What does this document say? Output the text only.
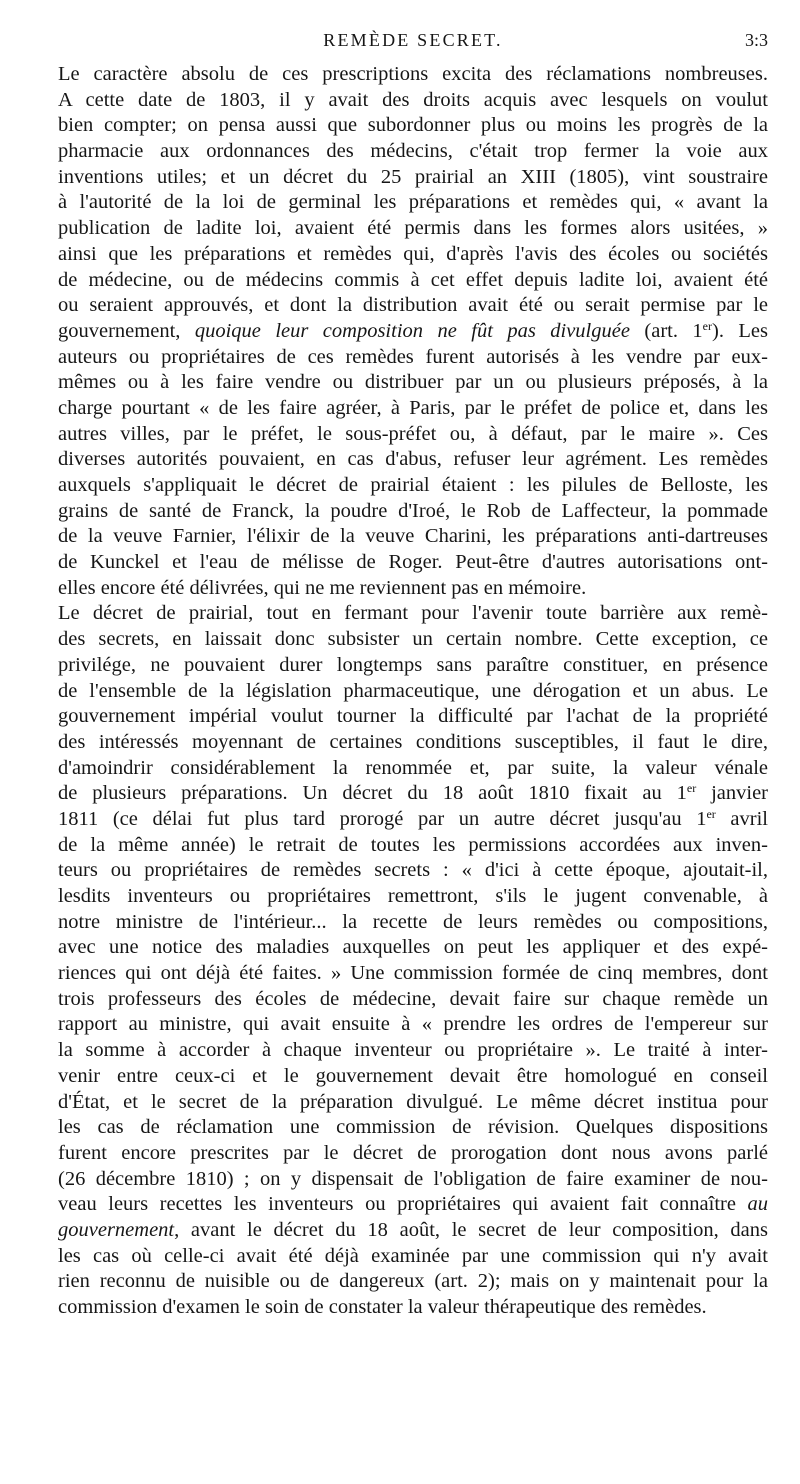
REMÈDE SECRET.	3:3
Le caractère absolu de ces prescriptions excita des réclamations nombreuses.
A cette date de 1803, il y avait des droits acquis avec lesquels on voulut
bien compter; on pensa aussi que subordonner plus ou moins les progrès de la
pharmacie aux ordonnances des médecins, c'était trop fermer la voie aux
inventions utiles; et un décret du 25 prairial an XIII (1805), vint soustraire
à l'autorité de la loi de germinal les préparations et remèdes qui, « avant la
publication de ladite loi, avaient été permis dans les formes alors usitées, »
ainsi que les préparations et remèdes qui, d'après l'avis des écoles ou sociétés
de médecine, ou de médecins commis à cet effet depuis ladite loi, avaient été
ou seraient approuvés, et dont la distribution avait été ou serait permise par le
gouvernement, quoique leur composition ne fût pas divulguée (art. 1er). Les
auteurs ou propriétaires de ces remèdes furent autorisés à les vendre par eux-
mêmes ou à les faire vendre ou distribuer par un ou plusieurs préposés, à la
charge pourtant « de les faire agréer, à Paris, par le préfet de police et, dans les
autres villes, par le préfet, le sous-préfet ou, à défaut, par le maire ». Ces
diverses autorités pouvaient, en cas d'abus, refuser leur agrément. Les remèdes
auxquels s'appliquait le décret de prairial étaient : les pilules de Belloste, les
grains de santé de Franck, la poudre d'Iroé, le Rob de Laffecteur, la pommade
de la veuve Farnier, l'élixir de la veuve Charini, les préparations anti-dartreuses
de Kunckel et l'eau de mélisse de Roger. Peut-être d'autres autorisations ont-
elles encore été délivrées, qui ne me reviennent pas en mémoire.
Le décret de prairial, tout en fermant pour l'avenir toute barrière aux remè-
des secrets, en laissait donc subsister un certain nombre. Cette exception, ce
privilége, ne pouvaient durer longtemps sans paraître constituer, en présence
de l'ensemble de la législation pharmaceutique, une dérogation et un abus. Le
gouvernement impérial voulut tourner la difficulté par l'achat de la propriété
des intéressés moyennant de certaines conditions susceptibles, il faut le dire,
d'amoindrir considérablement la renommée et, par suite, la valeur vénale
de plusieurs préparations. Un décret du 18 août 1810 fixait au 1er janvier
1811 (ce délai fut plus tard prorogé par un autre décret jusqu'au 1er avril
de la même année) le retrait de toutes les permissions accordées aux inven-
teurs ou propriétaires de remèdes secrets : « d'ici à cette époque, ajoutait-il,
lesdits inventeurs ou propriétaires remettront, s'ils le jugent convenable, à
notre ministre de l'intérieur... la recette de leurs remèdes ou compositions,
avec une notice des maladies auxquelles on peut les appliquer et des expé-
riences qui ont déjà été faites. » Une commission formée de cinq membres, dont
trois professeurs des écoles de médecine, devait faire sur chaque remède un
rapport au ministre, qui avait ensuite à « prendre les ordres de l'empereur sur
la somme à accorder à chaque inventeur ou propriétaire ». Le traité à inter-
venir entre ceux-ci et le gouvernement devait être homologué en conseil
d'État, et le secret de la préparation divulgué. Le même décret institua pour
les cas de réclamation une commission de révision. Quelques dispositions
furent encore prescrites par le décret de prorogation dont nous avons parlé
(26 décembre 1810) ; on y dispensait de l'obligation de faire examiner de nou-
veau leurs recettes les inventeurs ou propriétaires qui avaient fait connaître au
gouvernement, avant le décret du 18 août, le secret de leur composition, dans
les cas où celle-ci avait été déjà examinée par une commission qui n'y avait
rien reconnu de nuisible ou de dangereux (art. 2); mais on y maintenait pour la
commission d'examen le soin de constater la valeur thérapeutique des remèdes.
